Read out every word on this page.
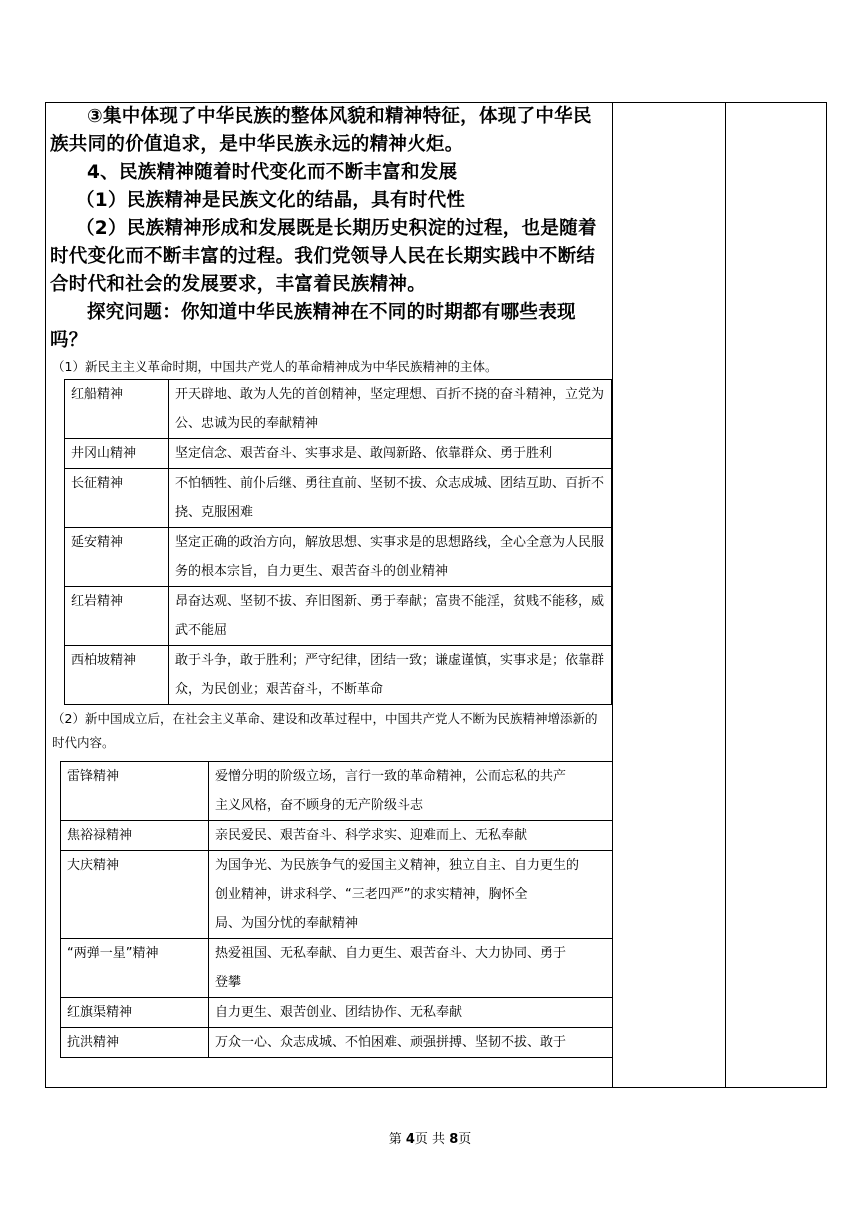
③集中体现了中华民族的整体风貌和精神特征，体现了中华民族共同的价值追求，是中华民族永远的精神火炬。

4、民族精神随着时代变化而不断丰富和发展

（1）民族精神是民族文化的结晶，具有时代性

（2）民族精神形成和发展既是长期历史积淀的过程，也是随着时代变化而不断丰富的过程。我们党领导人民在长期实践中不断结合时代和社会的发展要求，丰富着民族精神。

探究问题：你知道中华民族精神在不同的时期都有哪些表现吗？

（1）新民主主义革命时期，中国共产党人的革命精神成为中华民族精神的主体。

红船精神	开天辟地、敢为人先的首创精神，坚定理想、百折不挠的奋斗精神，立党为公、忠诚为民的奉献精神
井冈山精神	坚定信念、艰苦奋斗、实事求是、敢闯新路、依靠群众、勇于胜利
长征精神	不怕牺牲、前仆后继、勇往直前、坚韧不拔、众志成城、团结互助、百折不挠、克服困难
延安精神	坚定正确的政治方向，解放思想、实事求是的思想路线，全心全意为人民服务的根本宗旨，自力更生、艰苦奋斗的创业精神
红岩精神	昂奋达观、坚韧不拔、弃旧图新、勇于奉献；富贵不能淫，贫贱不能移，威武不能屈
西柏坡精神	敢于斗争，敢于胜利；严守纪律，团结一致；谦虚谨慎，实事求是；依靠群众，为民创业；艰苦奋斗，不断革命

（2）新中国成立后，在社会主义革命、建设和改革过程中，中国共产党人不断为民族精神增添新的时代内容。

雷锋精神	爱憎分明的阶级立场，言行一致的革命精神，公而忘私的共产
主义风格，奋不顾身的无产阶级斗志

焦裕禄精神	亲民爱民、艰苦奋斗、科学求实、迎难而上、无私奉献

大庆精神	为国争光、为民族争气的爱国主义精神，独立自主、自力更生的
创业精神，讲求科学、“三老四严”的求实精神，胸怀全
局、为国分忧的奉献精神

“两弹一星”精神	热爱祖国、无私奉献、自力更生、艰苦奋斗、大力协同、勇于
登攀

红旗渠精神	自力更生、艰苦创业、团结协作、无私奉献

抗洪精神	万众一心、众志成城、不怕困难、顽强拼搏、坚韧不拔、敢于
第 4页 共 8页
